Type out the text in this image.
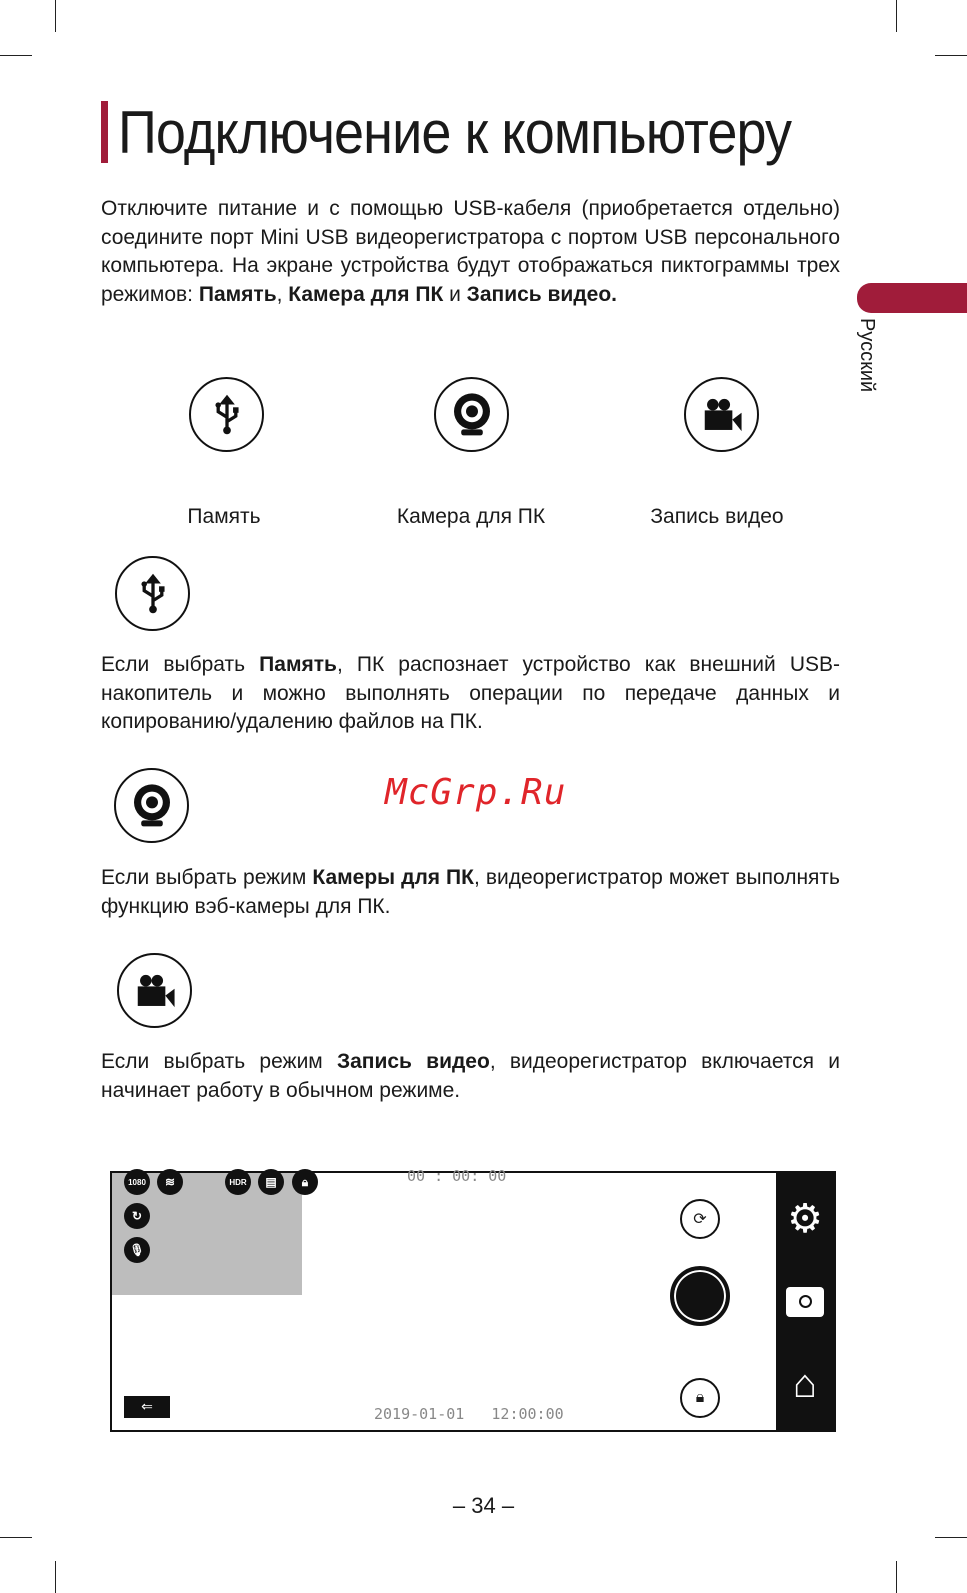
Подключение к компьютеру
Русский

Отключите питание и с помощью USB-кабеля (приобретается отдельно) соедините порт Mini USB видеорегистратора с портом USB персонального компьютера. На экране устройства будут отображаться пиктограммы трех режимов: Память, Камера для ПК и Запись видео.

Память	Камера для ПК	Запись видео

Если выбрать Память, ПК распознает устройство как внешний USB-накопитель и можно выполнять операции по передаче данных и копированию/удалению файлов на ПК.

McGrp.Ru

Если выбрать режим Камеры для ПК, видеорегистратор может выполнять функцию вэб-камеры для ПК.

Если выбрать режим Запись видео, видеорегистратор включается и начинает работу в обычном режиме.

1080	≋	HDR	▤	🔒︎
↻
🎙︎
00 : 00: 00
⟳
🔒︎
⇐	2019-01-01 12:00:00
⚙
⌂
– 34 –
